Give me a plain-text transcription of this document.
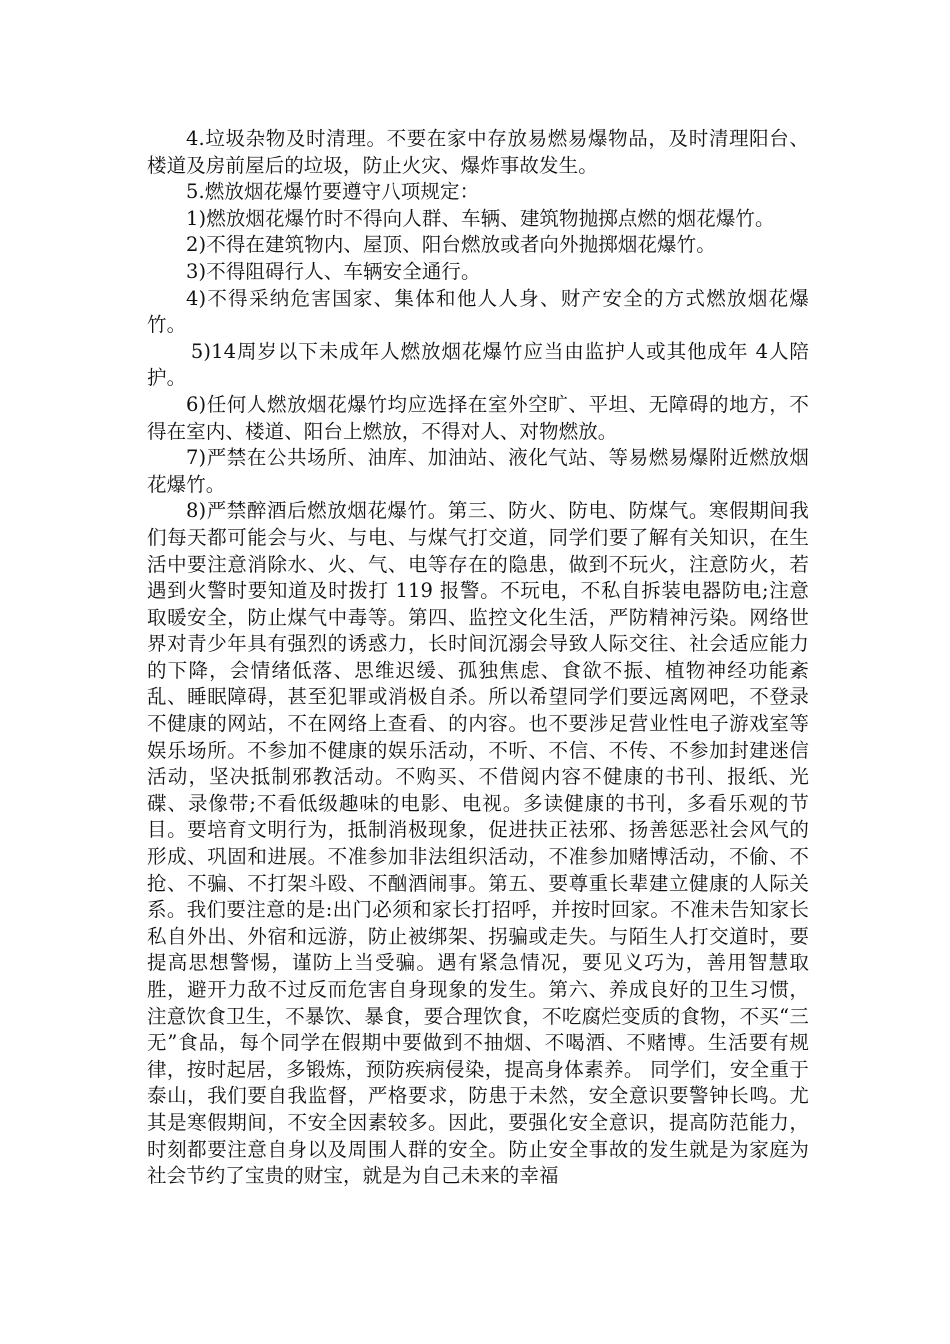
4.垃圾杂物及时清理。不要在家中存放易燃易爆物品，及时清理阳台、楼道及房前屋后的垃圾，防止火灾、爆炸事故发生。

5.燃放烟花爆竹要遵守八项规定：

1)燃放烟花爆竹时不得向人群、车辆、建筑物抛掷点燃的烟花爆竹。

2)不得在建筑物内、屋顶、阳台燃放或者向外抛掷烟花爆竹。

3)不得阻碍行人、车辆安全通行。

4)不得采纳危害国家、集体和他人人身、财产安全的方式燃放烟花爆竹。

5)14周岁以下未成年人燃放烟花爆竹应当由监护人或其他成年 4人陪护。

6)任何人燃放烟花爆竹均应选择在室外空旷、平坦、无障碍的地方，不得在室内、楼道、阳台上燃放，不得对人、对物燃放。

7)严禁在公共场所、油库、加油站、液化气站、等易燃易爆附近燃放烟花爆竹。

8)严禁醉酒后燃放烟花爆竹。第三、防火、防电、防煤气。寒假期间我们每天都可能会与火、与电、与煤气打交道，同学们要了解有关知识，在生活中要注意消除水、火、气、电等存在的隐患，做到不玩火，注意防火，若遇到火警时要知道及时拨打 119 报警。不玩电，不私自拆装电器防电;注意取暖安全，防止煤气中毒等。第四、监控文化生活，严防精神污染。网络世界对青少年具有强烈的诱惑力，长时间沉溺会导致人际交往、社会适应能力的下降，会情绪低落、思维迟缓、孤独焦虑、食欲不振、植物神经功能紊乱、睡眠障碍，甚至犯罪或消极自杀。所以希望同学们要远离网吧，不登录不健康的网站，不在网络上查看、的内容。也不要涉足营业性电子游戏室等娱乐场所。不参加不健康的娱乐活动，不听、不信、不传、不参加封建迷信活动，坚决抵制邪教活动。不购买、不借阅内容不健康的书刊、报纸、光碟、录像带;不看低级趣味的电影、电视。多读健康的书刊，多看乐观的节目。要培育文明行为，抵制消极现象，促进扶正祛邪、扬善惩恶社会风气的形成、巩固和进展。不准参加非法组织活动，不准参加赌博活动，不偷、不抢、不骗、不打架斗殴、不酗酒闹事。第五、要尊重长辈建立健康的人际关系。我们要注意的是:出门必须和家长打招呼，并按时回家。不准未告知家长私自外出、外宿和远游，防止被绑架、拐骗或走失。与陌生人打交道时，要提高思想警惕，谨防上当受骗。遇有紧急情况，要见义巧为，善用智慧取胜，避开力敌不过反而危害自身现象的发生。第六、养成良好的卫生习惯，注意饮食卫生，不暴饮、暴食，要合理饮食，不吃腐烂变质的食物，不买“三无”食品，每个同学在假期中要做到不抽烟、不喝酒、不赌博。生活要有规律，按时起居，多锻炼，预防疾病侵染，提高身体素养。 同学们，安全重于泰山，我们要自我监督，严格要求，防患于未然，安全意识要警钟长鸣。尤其是寒假期间，不安全因素较多。因此，要强化安全意识，提高防范能力，时刻都要注意自身以及周围人群的安全。防止安全事故的发生就是为家庭为社会节约了宝贵的财宝，就是为自己未来的幸福
